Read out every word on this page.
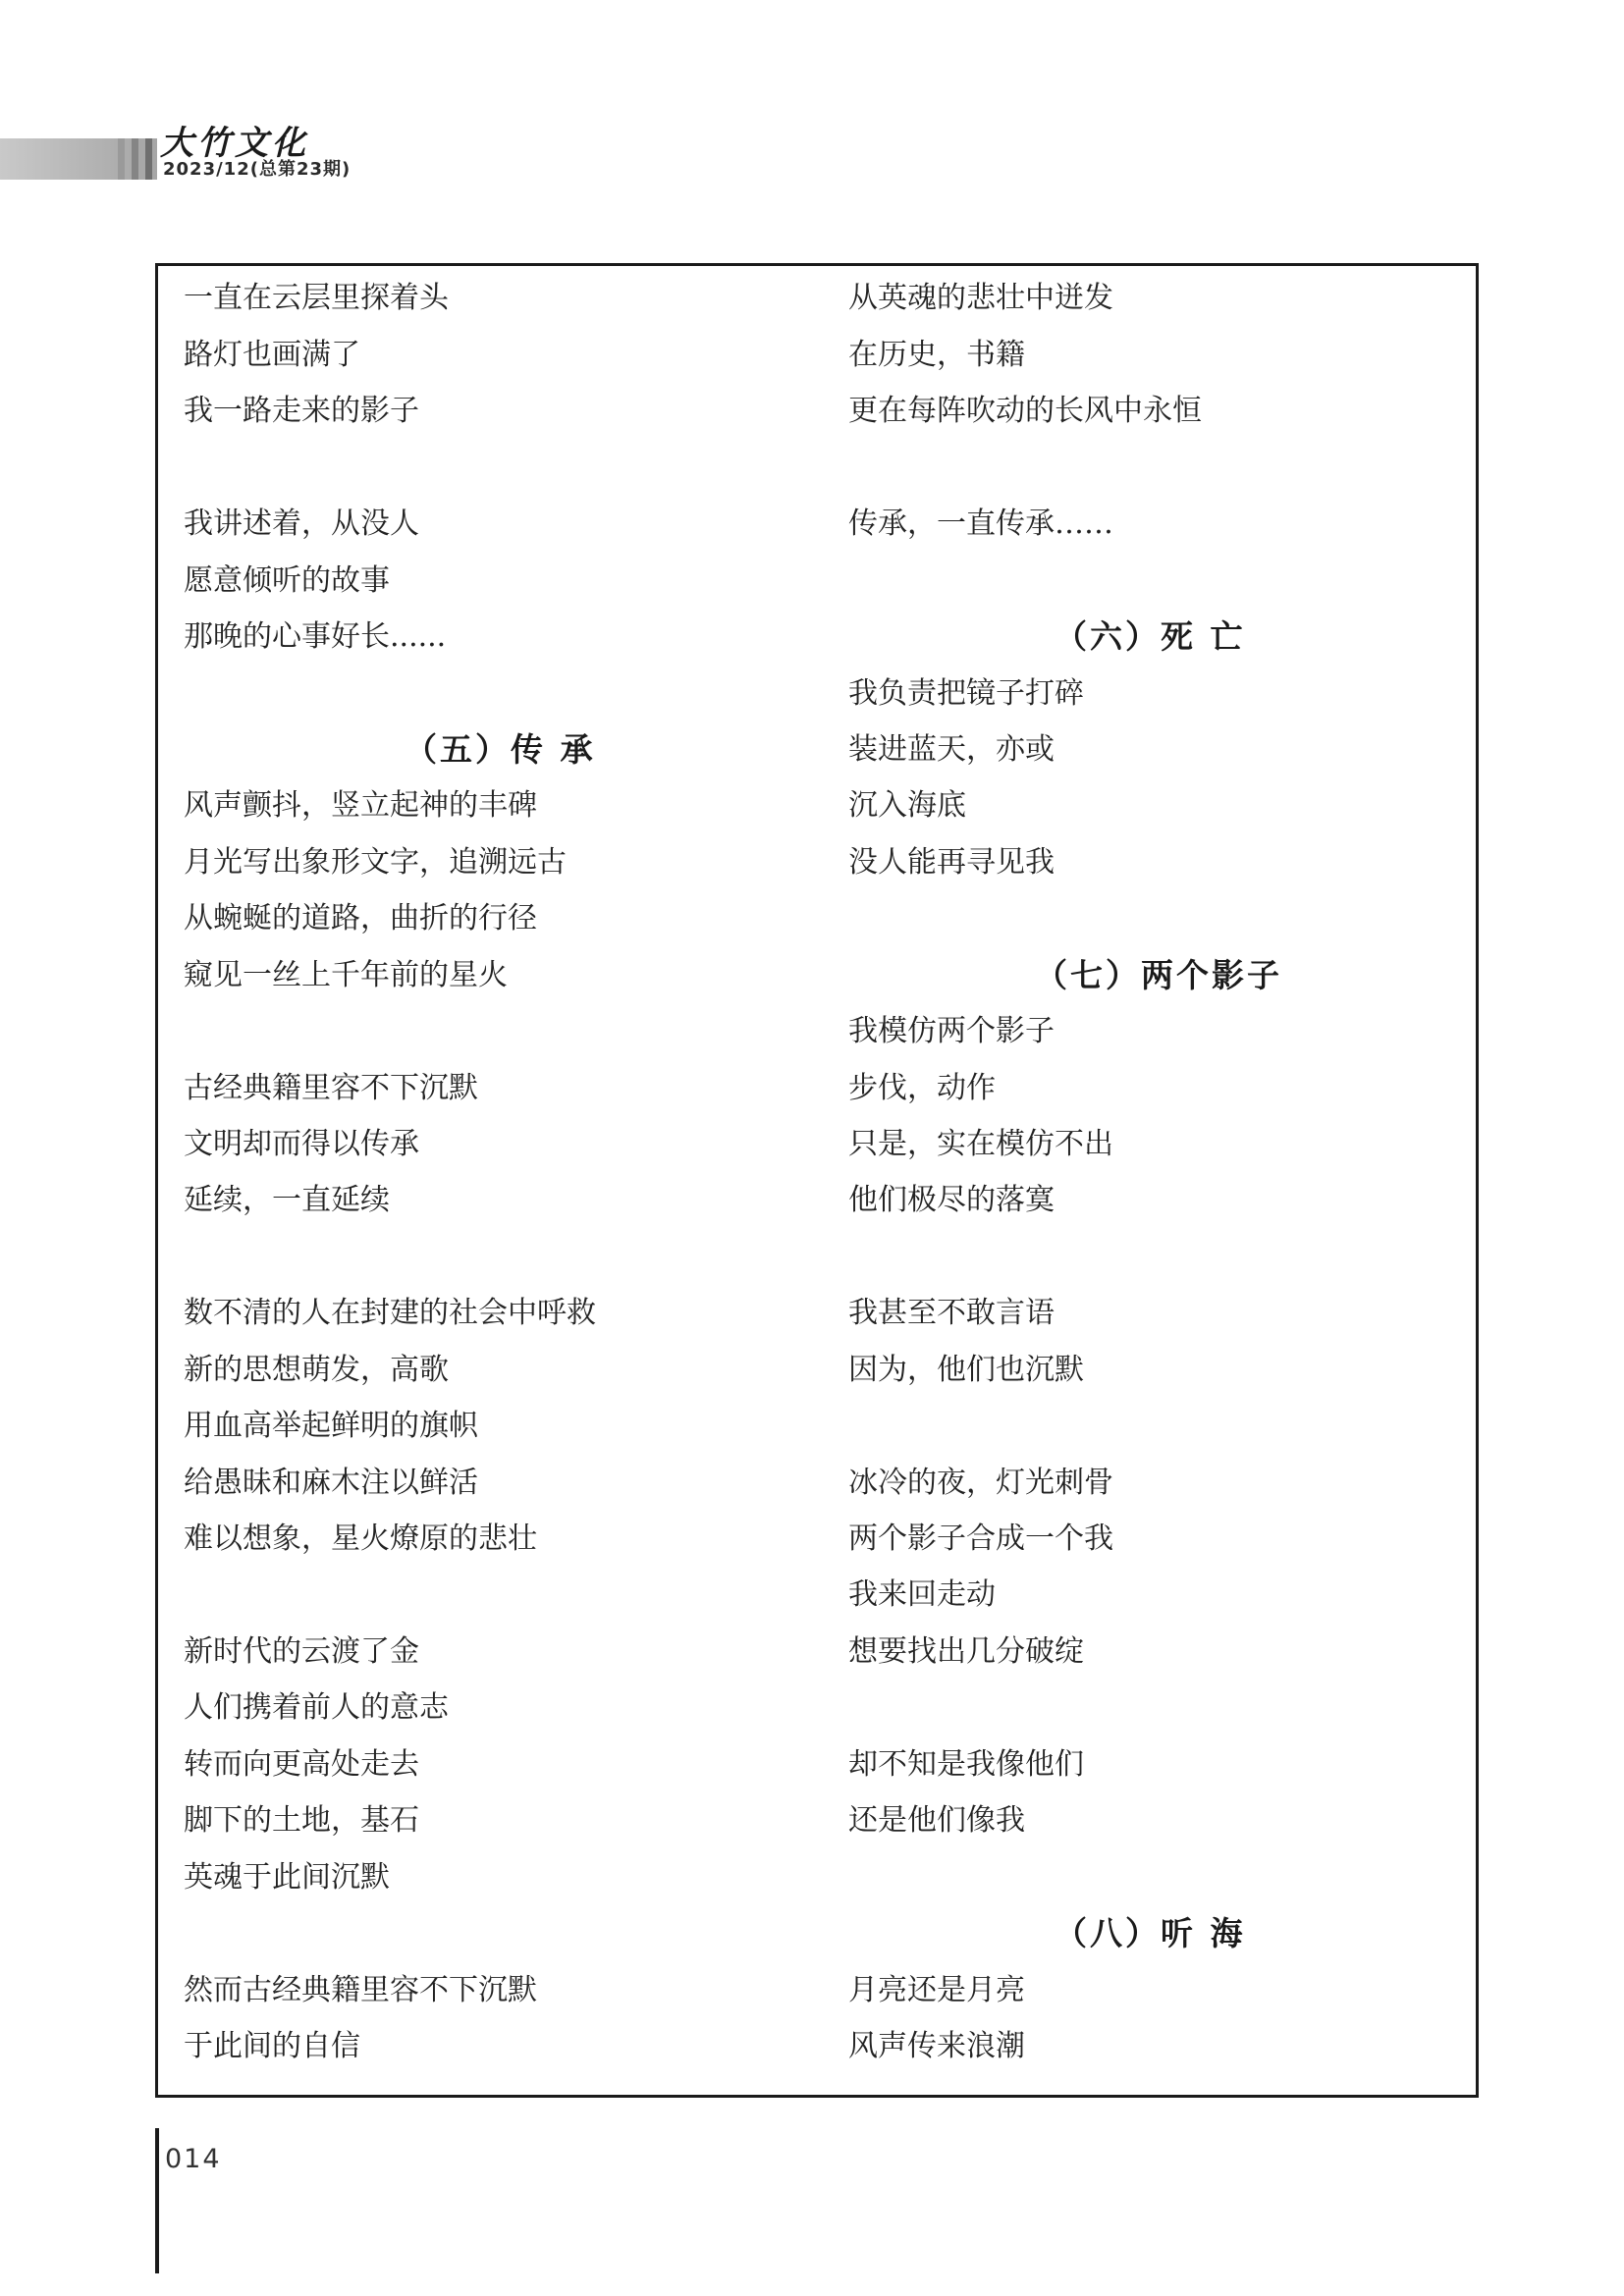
大竹文化
2023/12(总第23期)
一直在云层里探着头
路灯也画满了
我一路走来的影子
我讲述着，从没人
愿意倾听的故事
那晚的心事好长......
（五）传 承
风声颤抖，竖立起神的丰碑
月光写出象形文字，追溯远古
从蜿蜒的道路，曲折的行径
窥见一丝上千年前的星火
古经典籍里容不下沉默
文明却而得以传承
延续，一直延续
数不清的人在封建的社会中呼救
新的思想萌发，高歌
用血高举起鲜明的旗帜
给愚昧和麻木注以鲜活
难以想象，星火燎原的悲壮
新时代的云渡了金
人们携着前人的意志
转而向更高处走去
脚下的土地，基石
英魂于此间沉默
然而古经典籍里容不下沉默
于此间的自信
从英魂的悲壮中迸发
在历史，书籍
更在每阵吹动的长风中永恒
传承，一直传承……
（六）死 亡
我负责把镜子打碎
装进蓝天，亦或
沉入海底
没人能再寻见我
（七）两个影子
我模仿两个影子
步伐，动作
只是，实在模仿不出
他们极尽的落寞
我甚至不敢言语
因为，他们也沉默
冰冷的夜，灯光刺骨
两个影子合成一个我
我来回走动
想要找出几分破绽
却不知是我像他们
还是他们像我
（八）听 海
月亮还是月亮
风声传来浪潮
014
